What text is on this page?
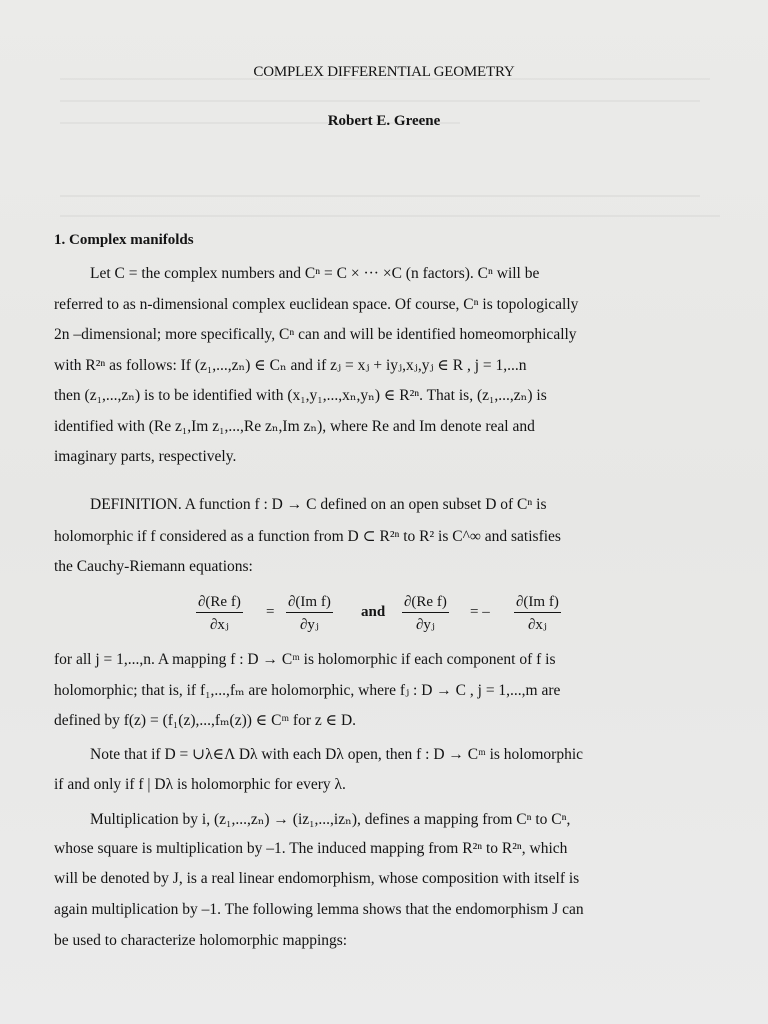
COMPLEX DIFFERENTIAL GEOMETRY
Robert E. Greene
1. Complex manifolds
Let C = the complex numbers and Cⁿ = C × ··· ×C (n factors). Cⁿ will be
referred to as n-dimensional complex euclidean space. Of course, Cⁿ is topologically
2n –dimensional; more specifically, Cⁿ can and will be identified homeomorphically
with R²ⁿ as follows: If (z₁,...,zₙ) ∈ Cₙ and if zⱼ = xⱼ + iyⱼ,xⱼ,yⱼ ∈ R , j = 1,...n
then (z₁,...,zₙ) is to be identified with (x₁,y₁,...,xₙ,yₙ) ∈ R²ⁿ. That is, (z₁,...,zₙ) is
identified with (Re z₁,Im z₁,...,Re zₙ,Im zₙ), where Re and Im denote real and
imaginary parts, respectively.
DEFINITION. A function f : D → C defined on an open subset D of Cⁿ is
holomorphic if f considered as a function from D ⊂ R²ⁿ to R² is C^∞ and satisfies
the Cauchy-Riemann equations:
$\frac{\text{∂(Re f)}}{\text{∂xⱼ}} = \frac{\text{∂(Im f)}}{\text{∂yⱼ}}$ and $\frac{\text{∂(Re f)}}{\text{∂yⱼ}}$ = – $\frac{\text{∂(Im f)}}{\text{∂xⱼ}}$
for all j = 1,...,n. A mapping f : D → Cᵐ is holomorphic if each component of f is
holomorphic; that is, if f₁,...,fₘ are holomorphic, where fⱼ : D → C , j = 1,...,m are
defined by f(z) = (f₁(z),...,fₘ(z)) ∈ Cᵐ for z ∈ D.
Note that if D = ∪λ∈Λ Dλ with each Dλ open, then f : D → Cᵐ is holomorphic
if and only if f | Dλ is holomorphic for every λ.
Multiplication by i, (z₁,...,zₙ) → (iz₁,...,izₙ), defines a mapping from Cⁿ to Cⁿ,
whose square is multiplication by –1. The induced mapping from R²ⁿ to R²ⁿ, which
will be denoted by J, is a real linear endomorphism, whose composition with itself is
again multiplication by –1. The following lemma shows that the endomorphism J can
be used to characterize holomorphic mappings:
